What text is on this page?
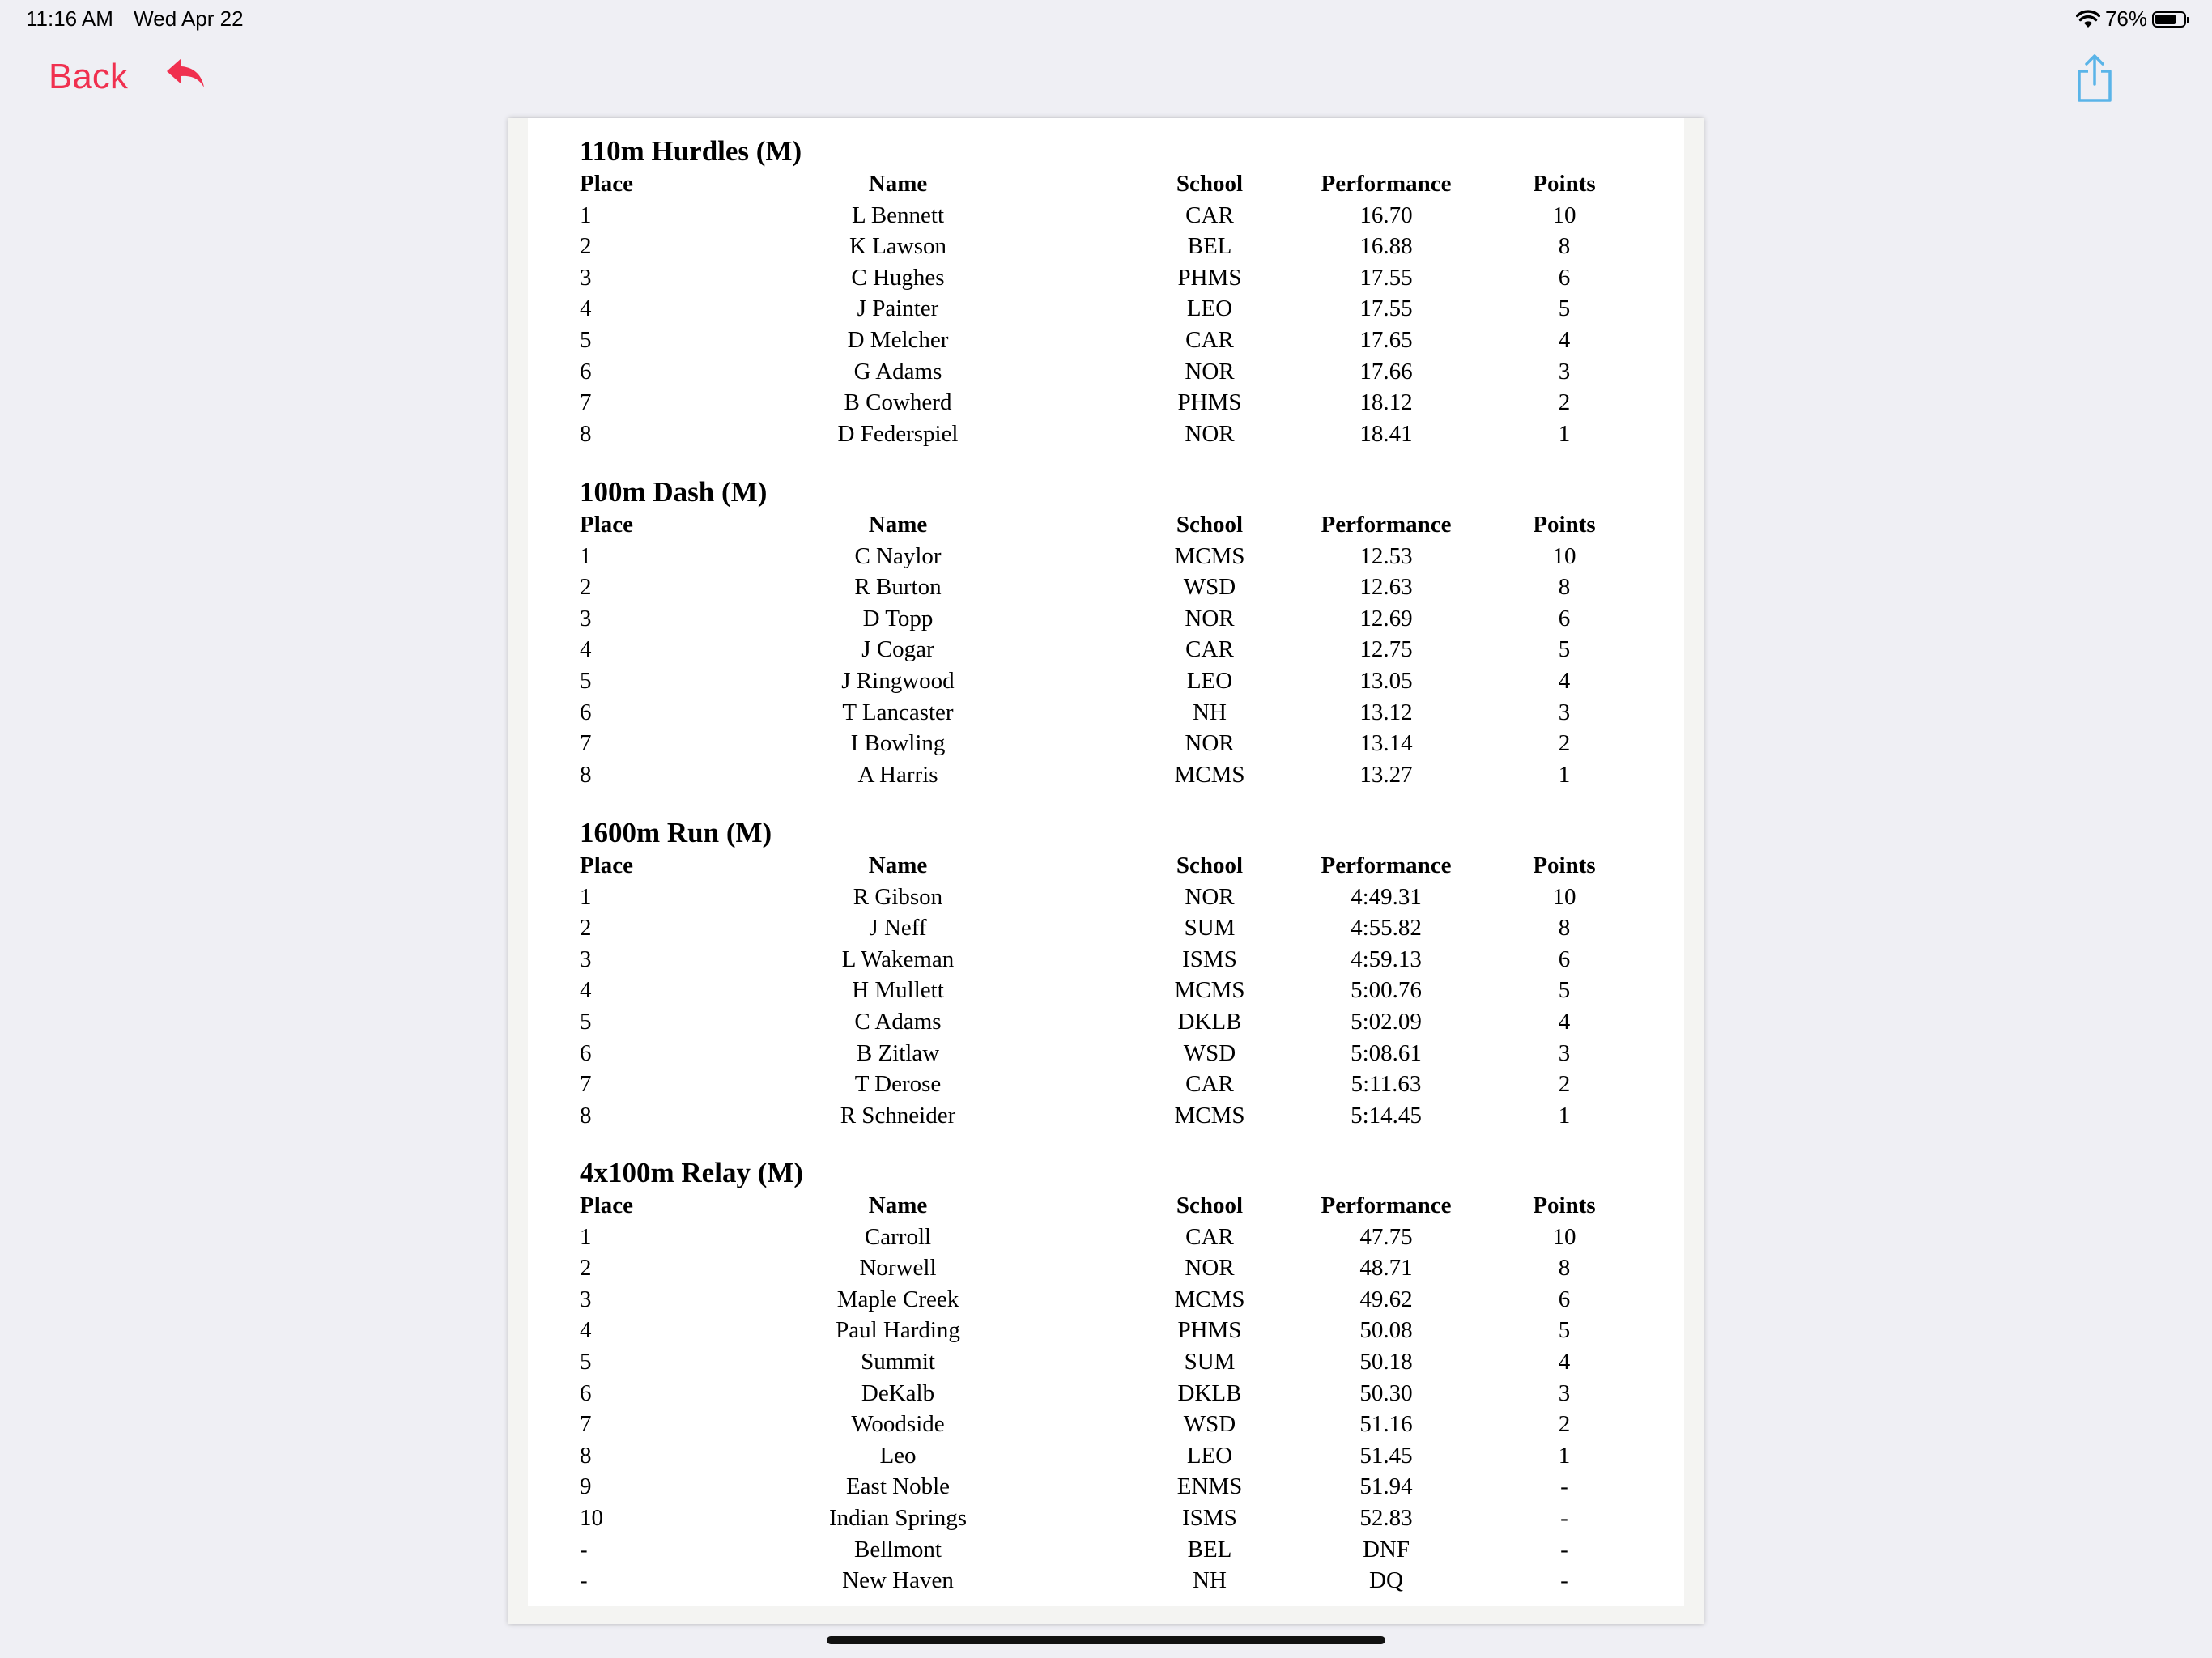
11:16 AM Wed Apr 22	76%
Back
110m Hurdles (M)
Place	Name	School	Performance	Points
1	L Bennett	CAR	16.70	10
2	K Lawson	BEL	16.88	8
3	C Hughes	PHMS	17.55	6
4	J Painter	LEO	17.55	5
5	D Melcher	CAR	17.65	4
6	G Adams	NOR	17.66	3
7	B Cowherd	PHMS	18.12	2
8	D Federspiel	NOR	18.41	1
100m Dash (M)
Place	Name	School	Performance	Points
1	C Naylor	MCMS	12.53	10
2	R Burton	WSD	12.63	8
3	D Topp	NOR	12.69	6
4	J Cogar	CAR	12.75	5
5	J Ringwood	LEO	13.05	4
6	T Lancaster	NH	13.12	3
7	I Bowling	NOR	13.14	2
8	A Harris	MCMS	13.27	1
1600m Run (M)
Place	Name	School	Performance	Points
1	R Gibson	NOR	4:49.31	10
2	J Neff	SUM	4:55.82	8
3	L Wakeman	ISMS	4:59.13	6
4	H Mullett	MCMS	5:00.76	5
5	C Adams	DKLB	5:02.09	4
6	B Zitlaw	WSD	5:08.61	3
7	T Derose	CAR	5:11.63	2
8	R Schneider	MCMS	5:14.45	1
4x100m Relay (M)
Place	Name	School	Performance	Points
1	Carroll	CAR	47.75	10
2	Norwell	NOR	48.71	8
3	Maple Creek	MCMS	49.62	6
4	Paul Harding	PHMS	50.08	5
5	Summit	SUM	50.18	4
6	DeKalb	DKLB	50.30	3
7	Woodside	WSD	51.16	2
8	Leo	LEO	51.45	1
9	East Noble	ENMS	51.94	-
10	Indian Springs	ISMS	52.83	-
-	Bellmont	BEL	DNF	-
-	New Haven	NH	DQ	-
